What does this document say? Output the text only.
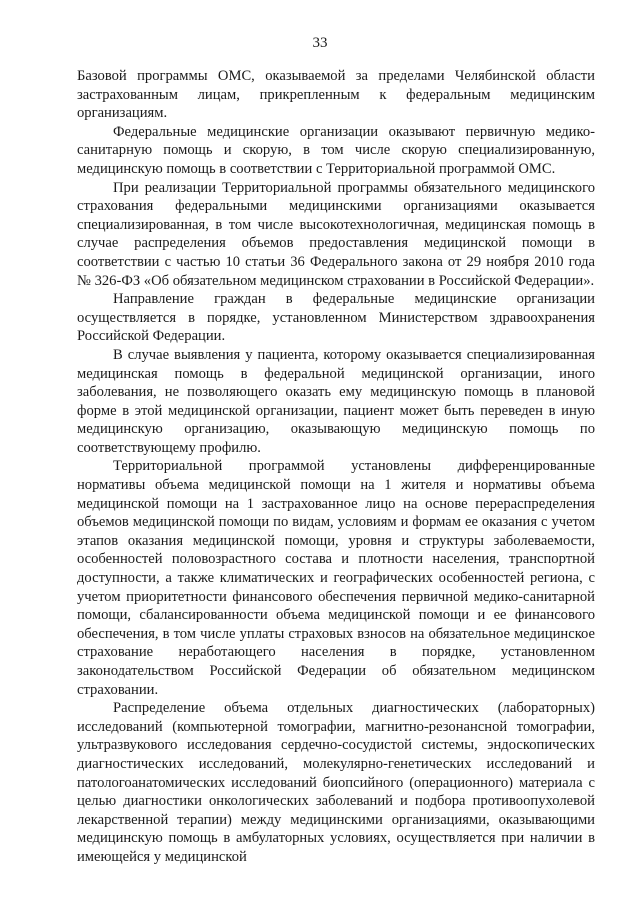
33

Базовой программы ОМС, оказываемой за пределами Челябинской области застрахованным лицам, прикрепленным к федеральным медицинским организациям.

Федеральные медицинские организации оказывают первичную медико-санитарную помощь и скорую, в том числе скорую специализированную, медицинскую помощь в соответствии с Территориальной программой ОМС.

При реализации Территориальной программы обязательного медицинского страхования федеральными медицинскими организациями оказывается специализированная, в том числе высокотехнологичная, медицинская помощь в случае распределения объемов предоставления медицинской помощи в соответствии с частью 10 статьи 36 Федерального закона от 29 ноября 2010 года № 326-ФЗ «Об обязательном медицинском страховании в Российской Федерации».

Направление граждан в федеральные медицинские организации осуществляется в порядке, установленном Министерством здравоохранения Российской Федерации.

В случае выявления у пациента, которому оказывается специализированная медицинская помощь в федеральной медицинской организации, иного заболевания, не позволяющего оказать ему медицинскую помощь в плановой форме в этой медицинской организации, пациент может быть переведен в иную медицинскую организацию, оказывающую медицинскую помощь по соответствующему профилю.

Территориальной программой установлены дифференцированные нормативы объема медицинской помощи на 1 жителя и нормативы объема медицинской помощи на 1 застрахованное лицо на основе перераспределения объемов медицинской помощи по видам, условиям и формам ее оказания с учетом этапов оказания медицинской помощи, уровня и структуры заболеваемости, особенностей половозрастного состава и плотности населения, транспортной доступности, а также климатических и географических особенностей региона, с учетом приоритетности финансового обеспечения первичной медико-санитарной помощи, сбалансированности объема медицинской помощи и ее финансового обеспечения, в том числе уплаты страховых взносов на обязательное медицинское страхование неработающего населения в порядке, установленном законодательством Российской Федерации об обязательном медицинском страховании.

Распределение объема отдельных диагностических (лабораторных) исследований (компьютерной томографии, магнитно-резонансной томографии, ультразвукового исследования сердечно-сосудистой системы, эндоскопических диагностических исследований, молекулярно-генетических исследований и патологоанатомических исследований биопсийного (операционного) материала с целью диагностики онкологических заболеваний и подбора противоопухолевой лекарственной терапии) между медицинскими организациями, оказывающими медицинскую помощь в амбулаторных условиях, осуществляется при наличии в имеющейся у медицинской
